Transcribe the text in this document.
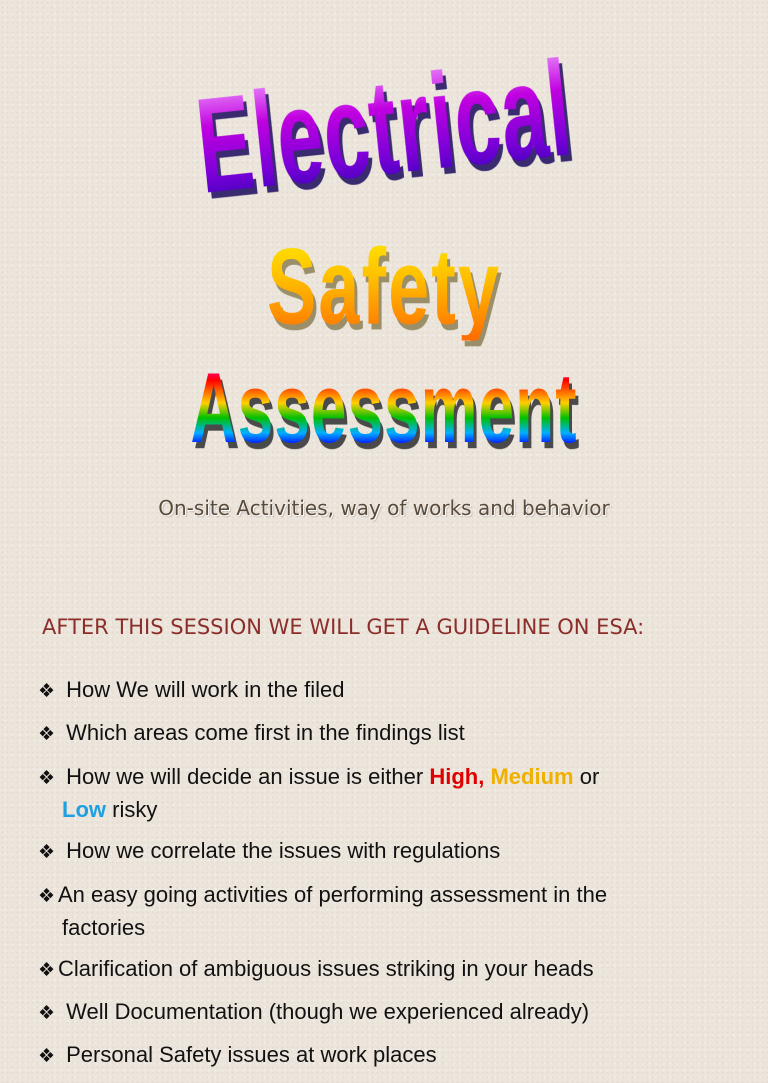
Electrical
Safety
Assessment
On-site Activities, way of works and behavior
AFTER THIS SESSION WE WILL GET A GUIDELINE ON ESA:
❖ How We will work in the filed
❖ Which areas come first in the findings list
❖ How we will decide an issue is either High, Medium or
Low risky
❖ How we correlate the issues with regulations
❖ An easy going activities of performing assessment in the
factories
❖ Clarification of ambiguous issues striking in your heads
❖ Well Documentation (though we experienced already)
❖ Personal Safety issues at work places
